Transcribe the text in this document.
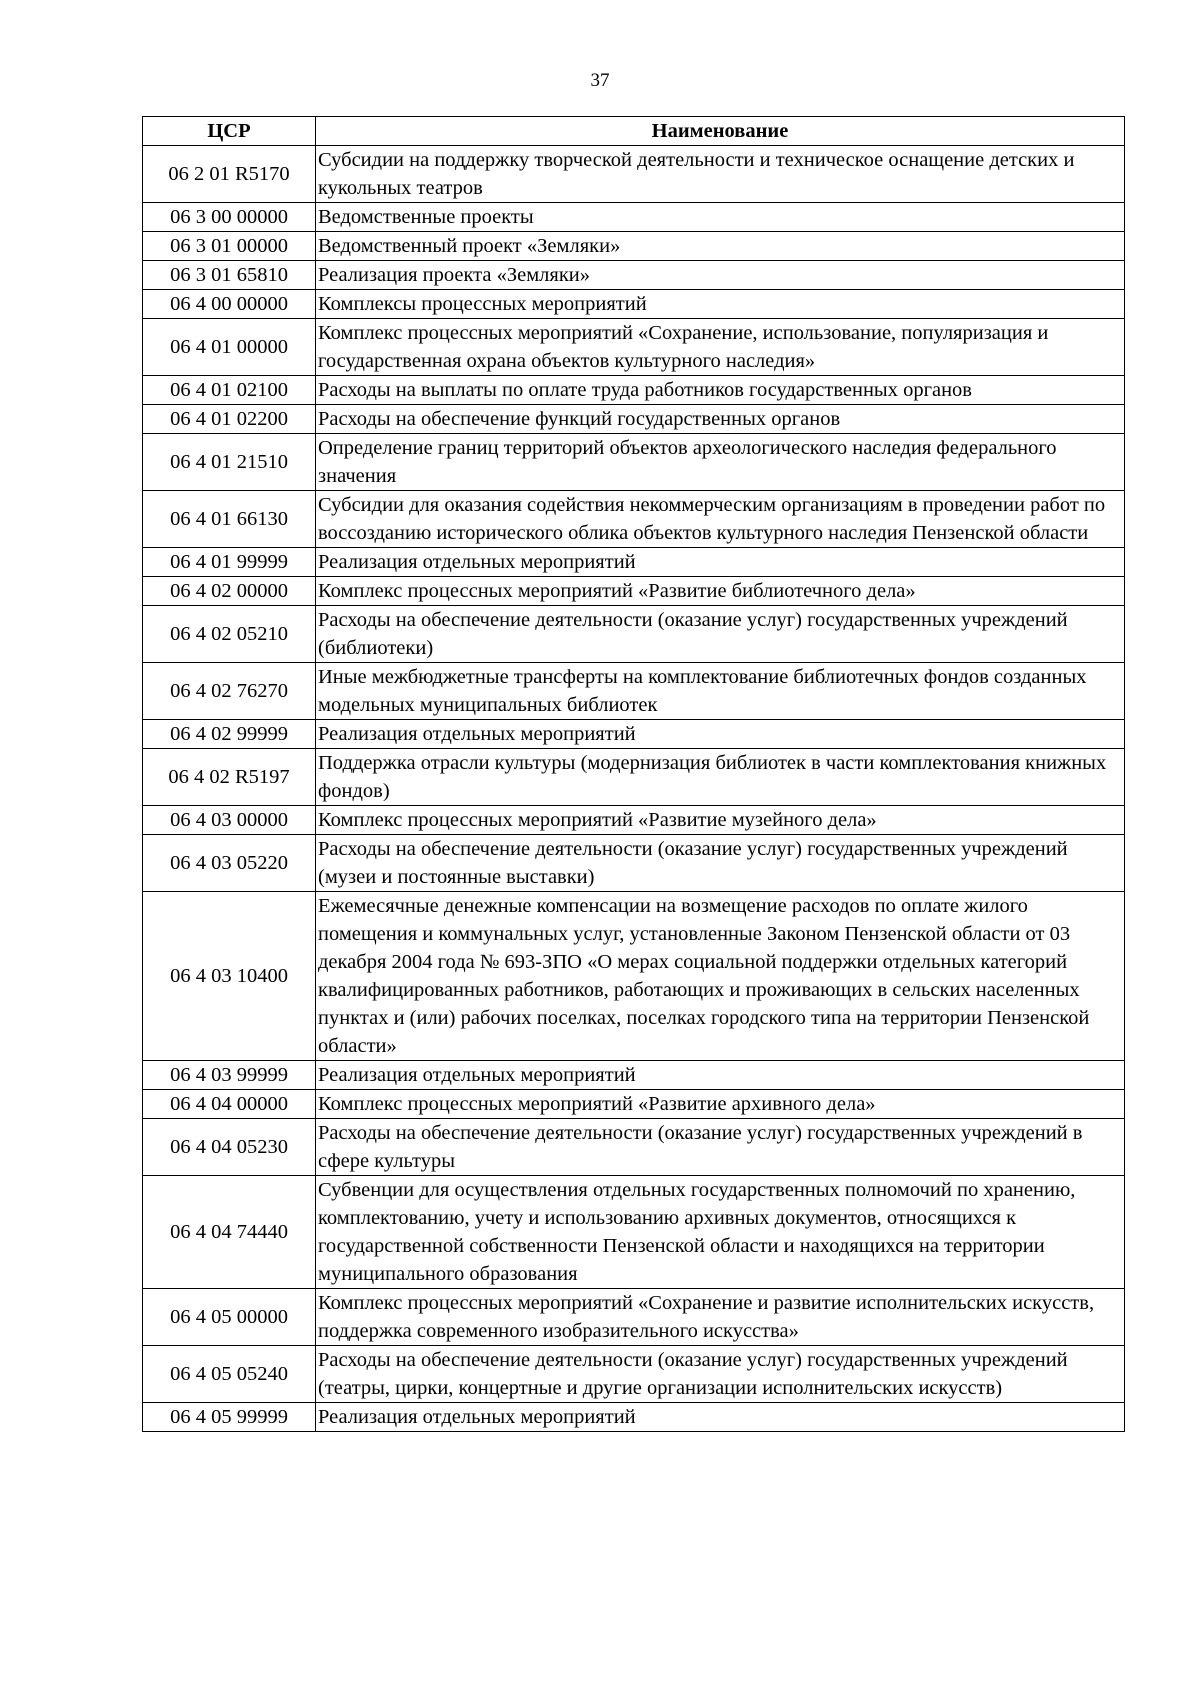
37
ЦСР	Наименование
06 2 01 R5170	Субсидии на поддержку творческой деятельности и техническое оснащение детских и кукольных театров
06 3 00 00000	Ведомственные проекты
06 3 01 00000	Ведомственный проект «Земляки»
06 3 01 65810	Реализация проекта «Земляки»
06 4 00 00000	Комплексы процессных мероприятий
06 4 01 00000	Комплекс процессных мероприятий «Сохранение, использование, популяризация и государственная охрана объектов культурного наследия»
06 4 01 02100	Расходы на выплаты по оплате труда работников государственных органов
06 4 01 02200	Расходы на обеспечение функций государственных органов
06 4 01 21510	Определение границ территорий объектов археологического наследия федерального значения
06 4 01 66130	Субсидии для оказания содействия некоммерческим организациям в проведении работ по воссозданию исторического облика объектов культурного наследия Пензенской области
06 4 01 99999	Реализация отдельных мероприятий
06 4 02 00000	Комплекс процессных мероприятий «Развитие библиотечного дела»
06 4 02 05210	Расходы на обеспечение деятельности (оказание услуг) государственных учреждений (библиотеки)
06 4 02 76270	Иные межбюджетные трансферты на комплектование библиотечных фондов созданных модельных муниципальных библиотек
06 4 02 99999	Реализация отдельных мероприятий
06 4 02 R5197	Поддержка отрасли культуры (модернизация библиотек в части комплектования книжных фондов)
06 4 03 00000	Комплекс процессных мероприятий «Развитие музейного дела»
06 4 03 05220	Расходы на обеспечение деятельности (оказание услуг) государственных учреждений (музеи и постоянные выставки)
06 4 03 10400	Ежемесячные денежные компенсации на возмещение расходов по оплате жилого помещения и коммунальных услуг, установленные Законом Пензенской области от 03 декабря 2004 года № 693-ЗПО «О мерах социальной поддержки отдельных категорий квалифицированных работников, работающих и проживающих в сельских населенных пунктах и (или) рабочих поселках, поселках городского типа на территории Пензенской области»
06 4 03 99999	Реализация отдельных мероприятий
06 4 04 00000	Комплекс процессных мероприятий «Развитие архивного дела»
06 4 04 05230	Расходы на обеспечение деятельности (оказание услуг) государственных учреждений в сфере культуры
06 4 04 74440	Субвенции для осуществления отдельных государственных полномочий по хранению, комплектованию, учету и использованию архивных документов, относящихся к государственной собственности Пензенской области и находящихся на территории муниципального образования
06 4 05 00000	Комплекс процессных мероприятий «Сохранение и развитие исполнительских искусств, поддержка современного изобразительного искусства»
06 4 05 05240	Расходы на обеспечение деятельности (оказание услуг) государственных учреждений (театры, цирки, концертные и другие организации исполнительских искусств)
06 4 05 99999	Реализация отдельных мероприятий
